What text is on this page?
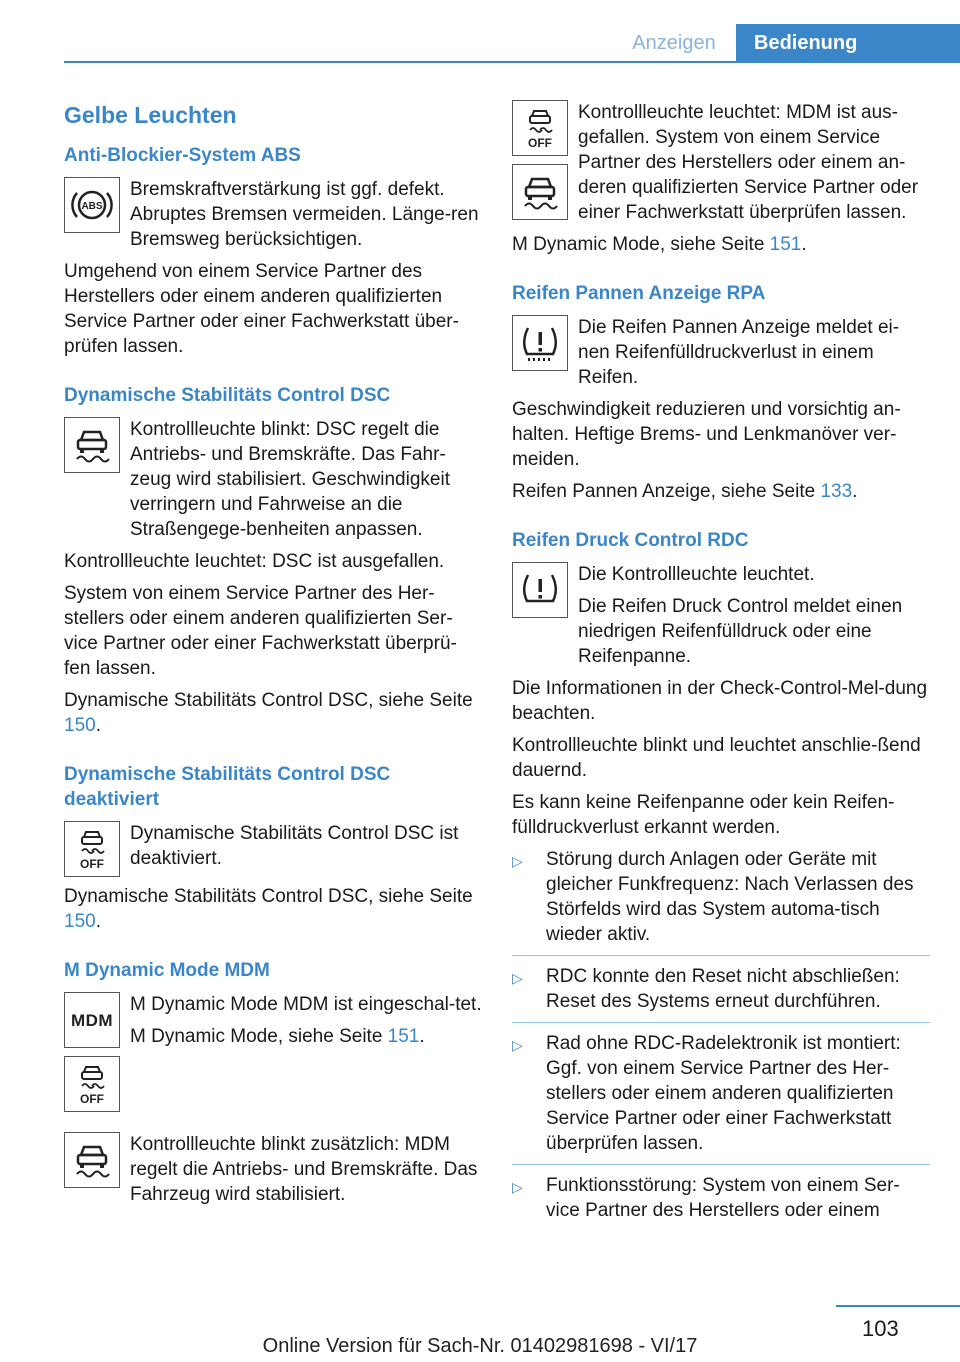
Anzeigen	Bedienung
Gelbe Leuchten
Anti-Blockier-System ABS
ABS

Bremskraftverstärkung ist ggf. defekt. Abruptes Bremsen vermeiden. Länge-ren Bremsweg berücksichtigen.

Umgehend von einem Service Partner des Herstellers oder einem anderen qualifizierten Service Partner oder einer Fachwerkstatt über-prüfen lassen.

Dynamische Stabilitäts Control DSC

Kontrollleuchte blinkt: DSC regelt die Antriebs- und Bremskräfte. Das Fahr-zeug wird stabilisiert. Geschwindigkeit verringern und Fahrweise an die Straßengege-benheiten anpassen.

Kontrollleuchte leuchtet: DSC ist ausgefallen.

System von einem Service Partner des Her-stellers oder einem anderen qualifizierten Ser-vice Partner oder einer Fachwerkstatt überprü-fen lassen.

Dynamische Stabilitäts Control DSC, siehe Seite 150.

Dynamische Stabilitäts Control DSC deaktiviert
OFF

Dynamische Stabilitäts Control DSC ist deaktiviert.

Dynamische Stabilitäts Control DSC, siehe Seite 150.

M Dynamic Mode MDM
MDM
OFF

M Dynamic Mode MDM ist eingeschal-tet.

M Dynamic Mode, siehe Seite 151.

Kontrollleuchte blinkt zusätzlich: MDM regelt die Antriebs- und Bremskräfte. Das Fahrzeug wird stabilisiert.

OFF

Kontrollleuchte leuchtet: MDM ist aus-gefallen. System von einem Service Partner des Herstellers oder einem an-deren qualifizierten Service Partner oder einer Fachwerkstatt überprüfen lassen.

M Dynamic Mode, siehe Seite 151.

Reifen Pannen Anzeige RPA

Die Reifen Pannen Anzeige meldet ei-nen Reifenfülldruckverlust in einem Reifen.

Geschwindigkeit reduzieren und vorsichtig an-halten. Heftige Brems- und Lenkmanöver ver-meiden.

Reifen Pannen Anzeige, siehe Seite 133.

Reifen Druck Control RDC

Die Kontrollleuchte leuchtet.

Die Reifen Druck Control meldet einen niedrigen Reifenfülldruck oder eine Reifenpanne.

Die Informationen in der Check-Control-Mel-dung beachten.

Kontrollleuchte blinkt und leuchtet anschlie-ßend dauernd.

Es kann keine Reifenpanne oder kein Reifen-fülldruckverlust erkannt werden.

▷	Störung durch Anlagen oder Geräte mit gleicher Funkfrequenz: Nach Verlassen des Störfelds wird das System automa-tisch wieder aktiv.
▷	RDC konnte den Reset nicht abschließen: Reset des Systems erneut durchführen.
▷	Rad ohne RDC-Radelektronik ist montiert: Ggf. von einem Service Partner des Her-stellers oder einem anderen qualifizierten Service Partner oder einer Fachwerkstatt überprüfen lassen.
▷	Funktionsstörung: System von einem Ser-vice Partner des Herstellers oder einem
103
Online Version für Sach-Nr. 01402981698 - VI/17
